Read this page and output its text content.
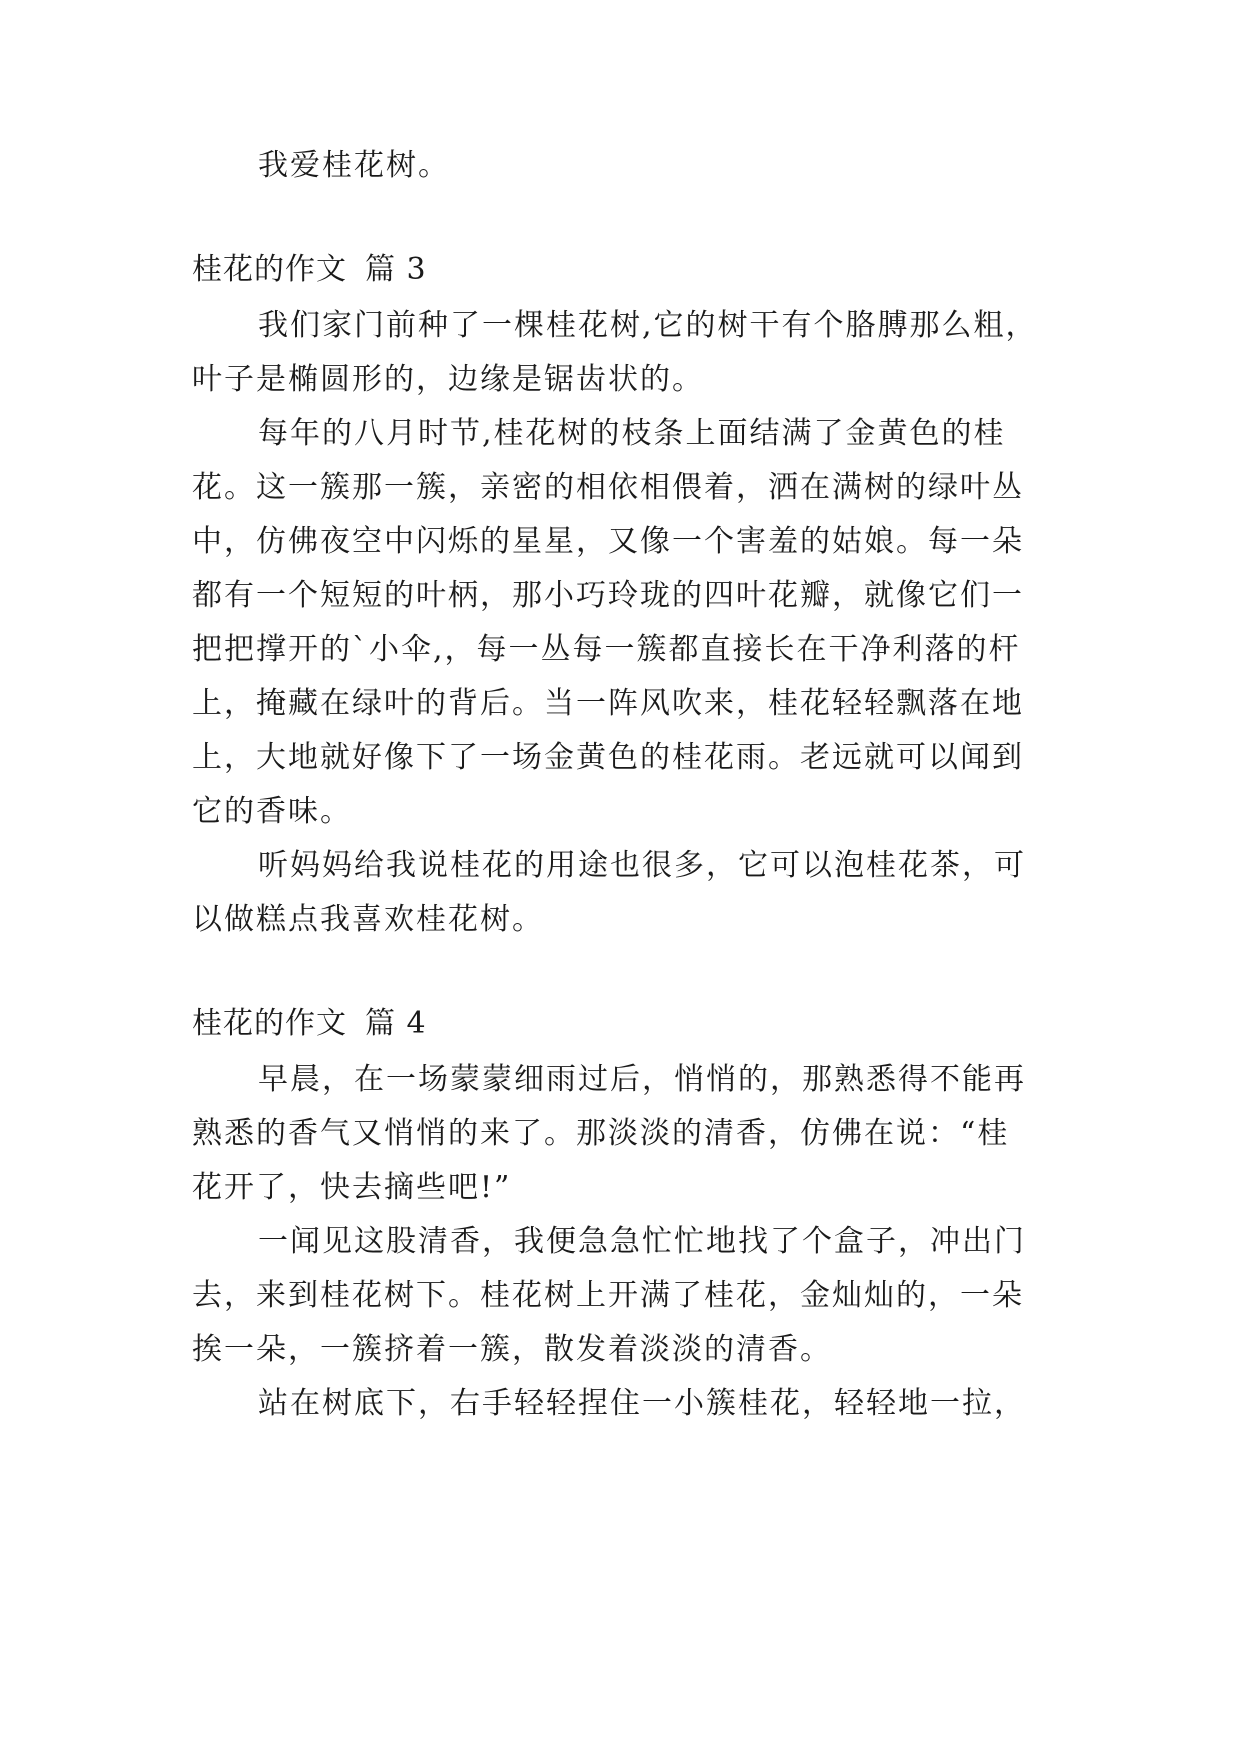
我爱桂花树。
桂花的作文 篇 3
我们家门前种了一棵桂花树,它的树干有个胳膊那么粗，
叶子是椭圆形的，边缘是锯齿状的。
每年的八月时节,桂花树的枝条上面结满了金黄色的桂
花。这一簇那一簇，亲密的相依相偎着，洒在满树的绿叶丛
中，仿佛夜空中闪烁的星星，又像一个害羞的姑娘。每一朵
都有一个短短的叶柄，那小巧玲珑的四叶花瓣，就像它们一
把把撑开的`小伞,，每一丛每一簇都直接长在干净利落的杆
上，掩藏在绿叶的背后。当一阵风吹来，桂花轻轻飘落在地
上，大地就好像下了一场金黄色的桂花雨。老远就可以闻到
它的香味。
听妈妈给我说桂花的用途也很多，它可以泡桂花茶，可
以做糕点我喜欢桂花树。
桂花的作文 篇 4
早晨，在一场蒙蒙细雨过后，悄悄的，那熟悉得不能再
熟悉的香气又悄悄的来了。那淡淡的清香，仿佛在说：“桂
花开了，快去摘些吧!”
一闻见这股清香，我便急急忙忙地找了个盒子，冲出门
去，来到桂花树下。桂花树上开满了桂花，金灿灿的，一朵
挨一朵，一簇挤着一簇，散发着淡淡的清香。
站在树底下，右手轻轻捏住一小簇桂花，轻轻地一拉，
